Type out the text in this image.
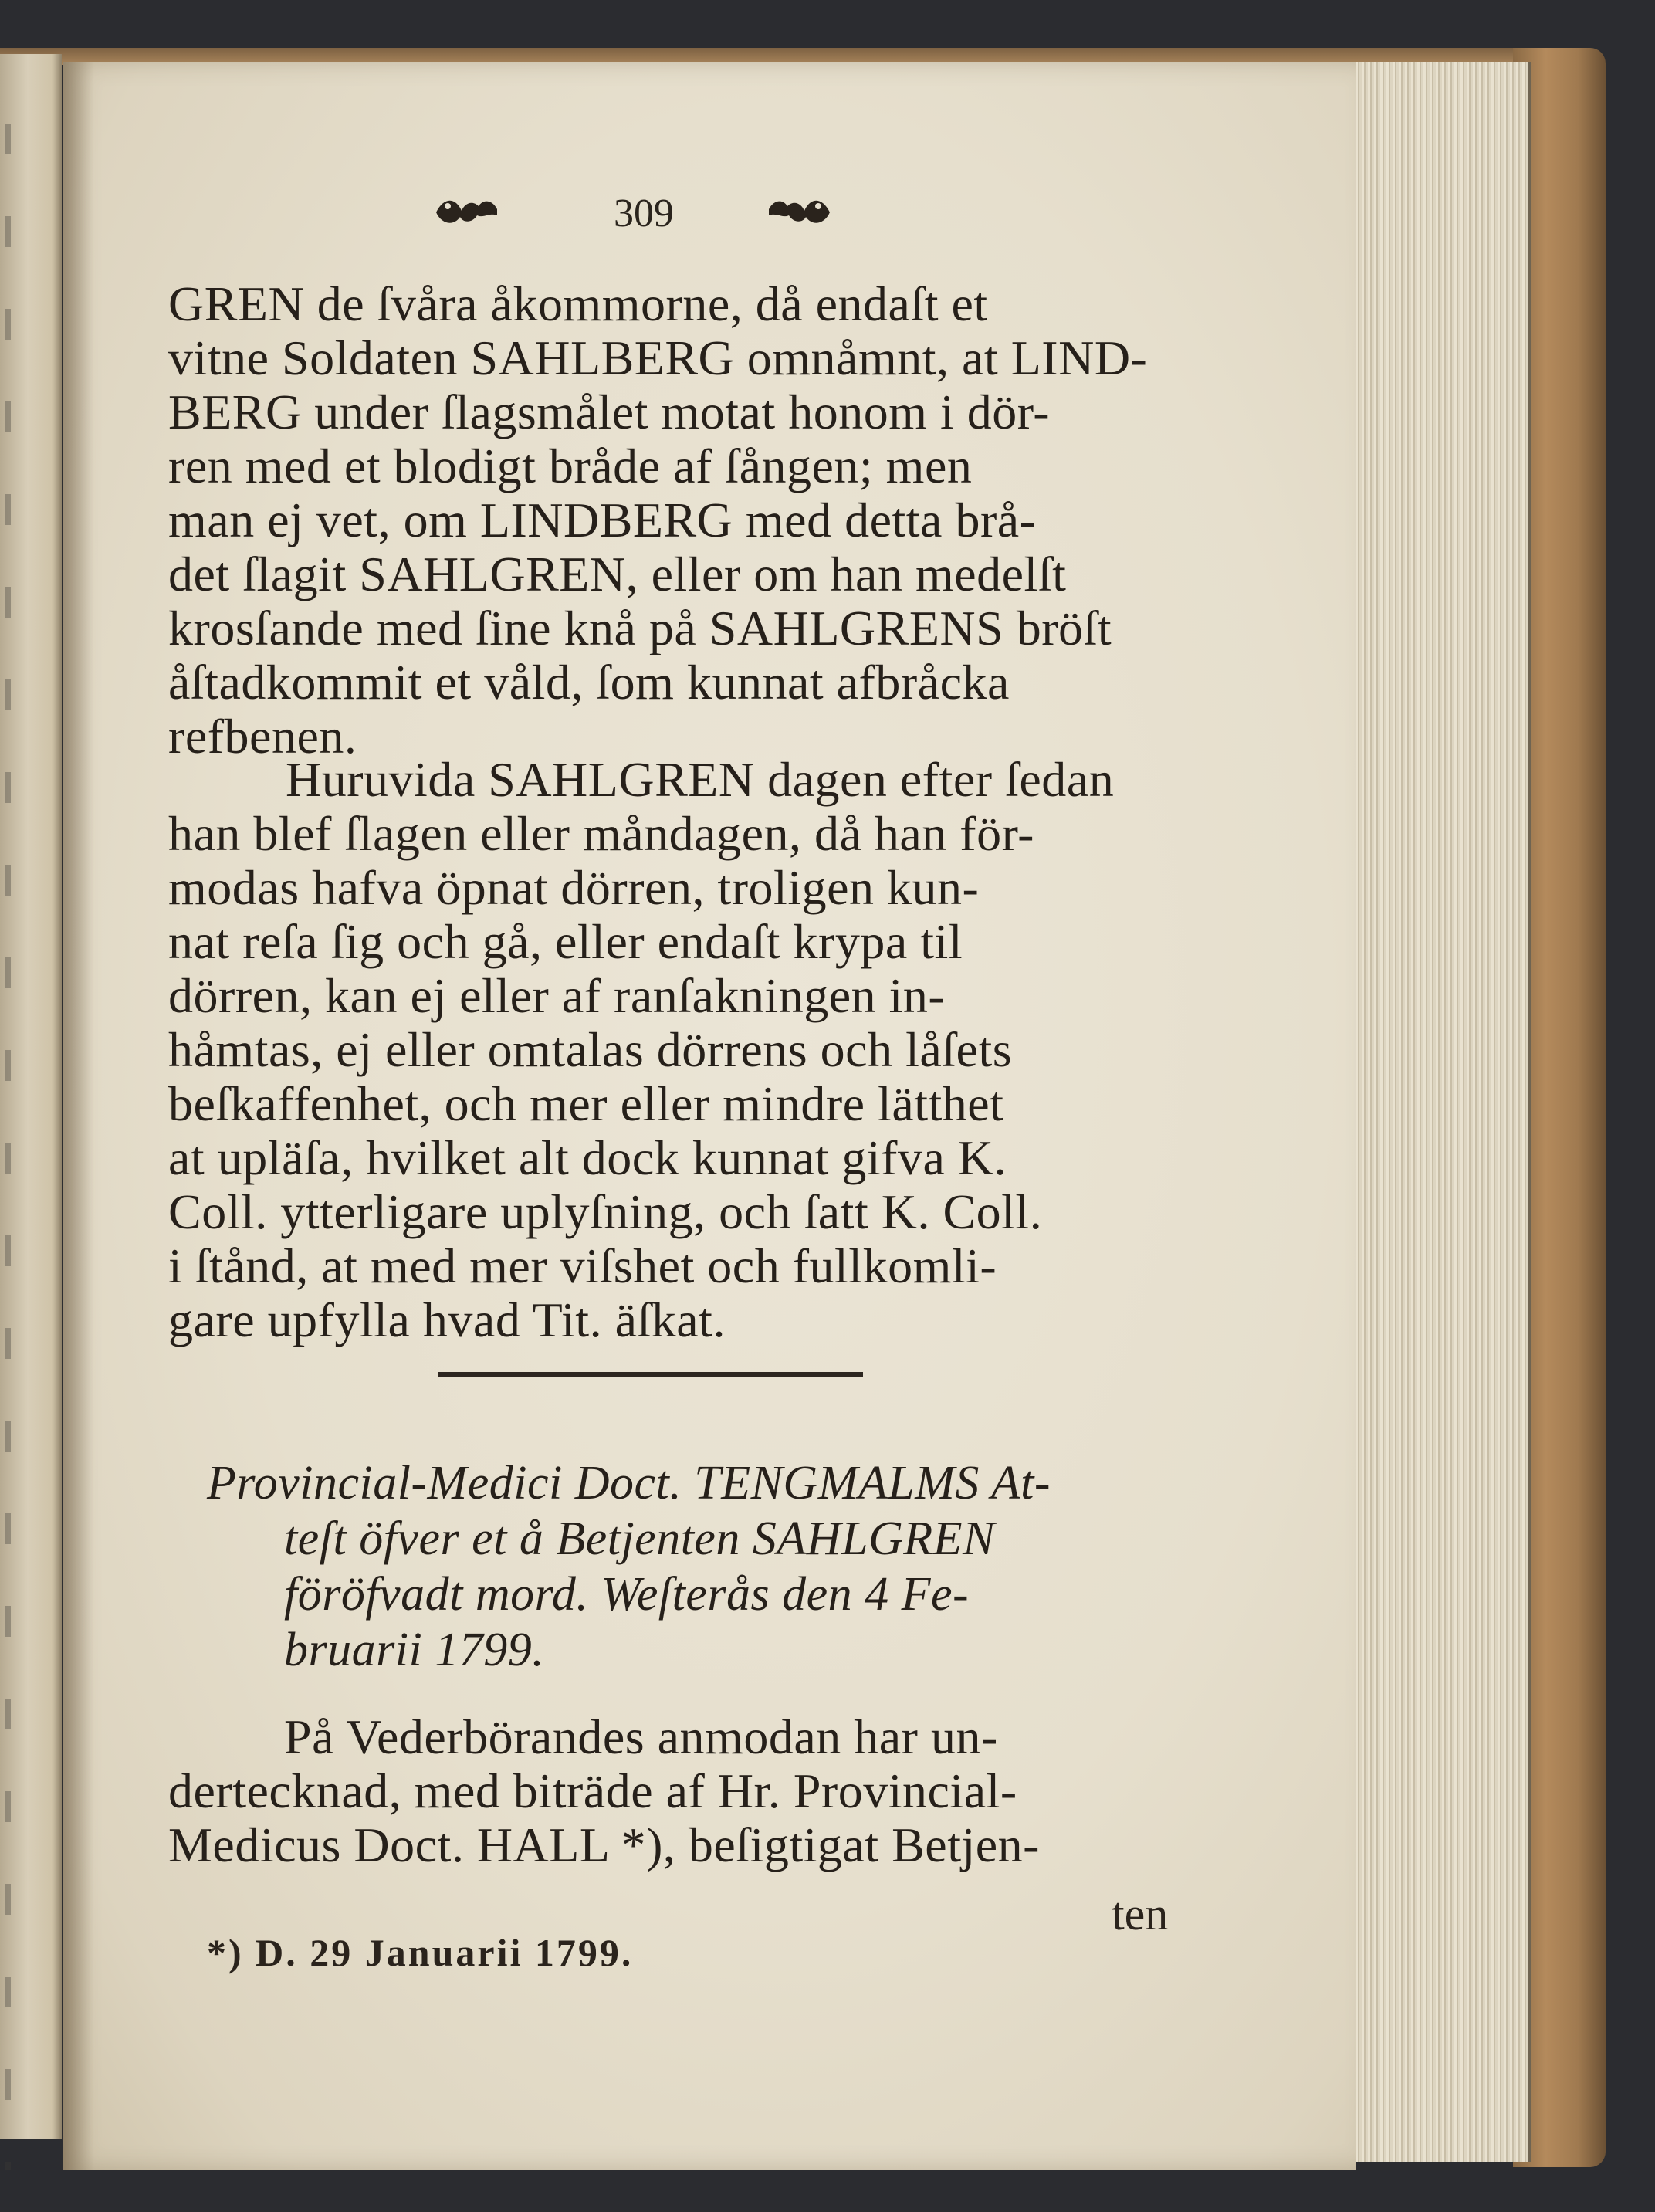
309
GREN de ſvåra åkommorne, då endaſt et
vitne Soldaten SAHLBERG omnåmnt, at LIND-
BERG under ſlagsmålet motat honom i dör-
ren med et blodigt bråde af ſången; men
man ej vet, om LINDBERG med detta brå-
det ſlagit SAHLGREN, eller om han medelſt
krosſande med ſine knå på SAHLGRENS bröſt
åſtadkommit et våld, ſom kunnat afbråcka
refbenen.
Huruvida SAHLGREN dagen efter ſedan
han blef ſlagen eller måndagen, då han för-
modas hafva öpnat dörren, troligen kun-
nat reſa ſig och gå, eller endaſt krypa til
dörren, kan ej eller af ranſakningen in-
håmtas, ej eller omtalas dörrens och låſets
beſkaffenhet, och mer eller mindre lätthet
at upläſa, hvilket alt dock kunnat gifva K.
Coll. ytterligare uplyſning, och ſatt K. Coll.
i ſtånd, at med mer viſshet och fullkomli-
gare upfylla hvad Tit. äſkat.
Provincial-Medici Doct. TENGMALMS At-
teſt öfver et å Betjenten SAHLGREN
föröfvadt mord. Weſterås den 4 Fe-
bruarii 1799.
På Vederbörandes anmodan har un-
dertecknad, med biträde af Hr. Provincial-
Medicus Doct. HALL *), beſigtigat Betjen-
ten
*) D. 29 Januarii 1799.
